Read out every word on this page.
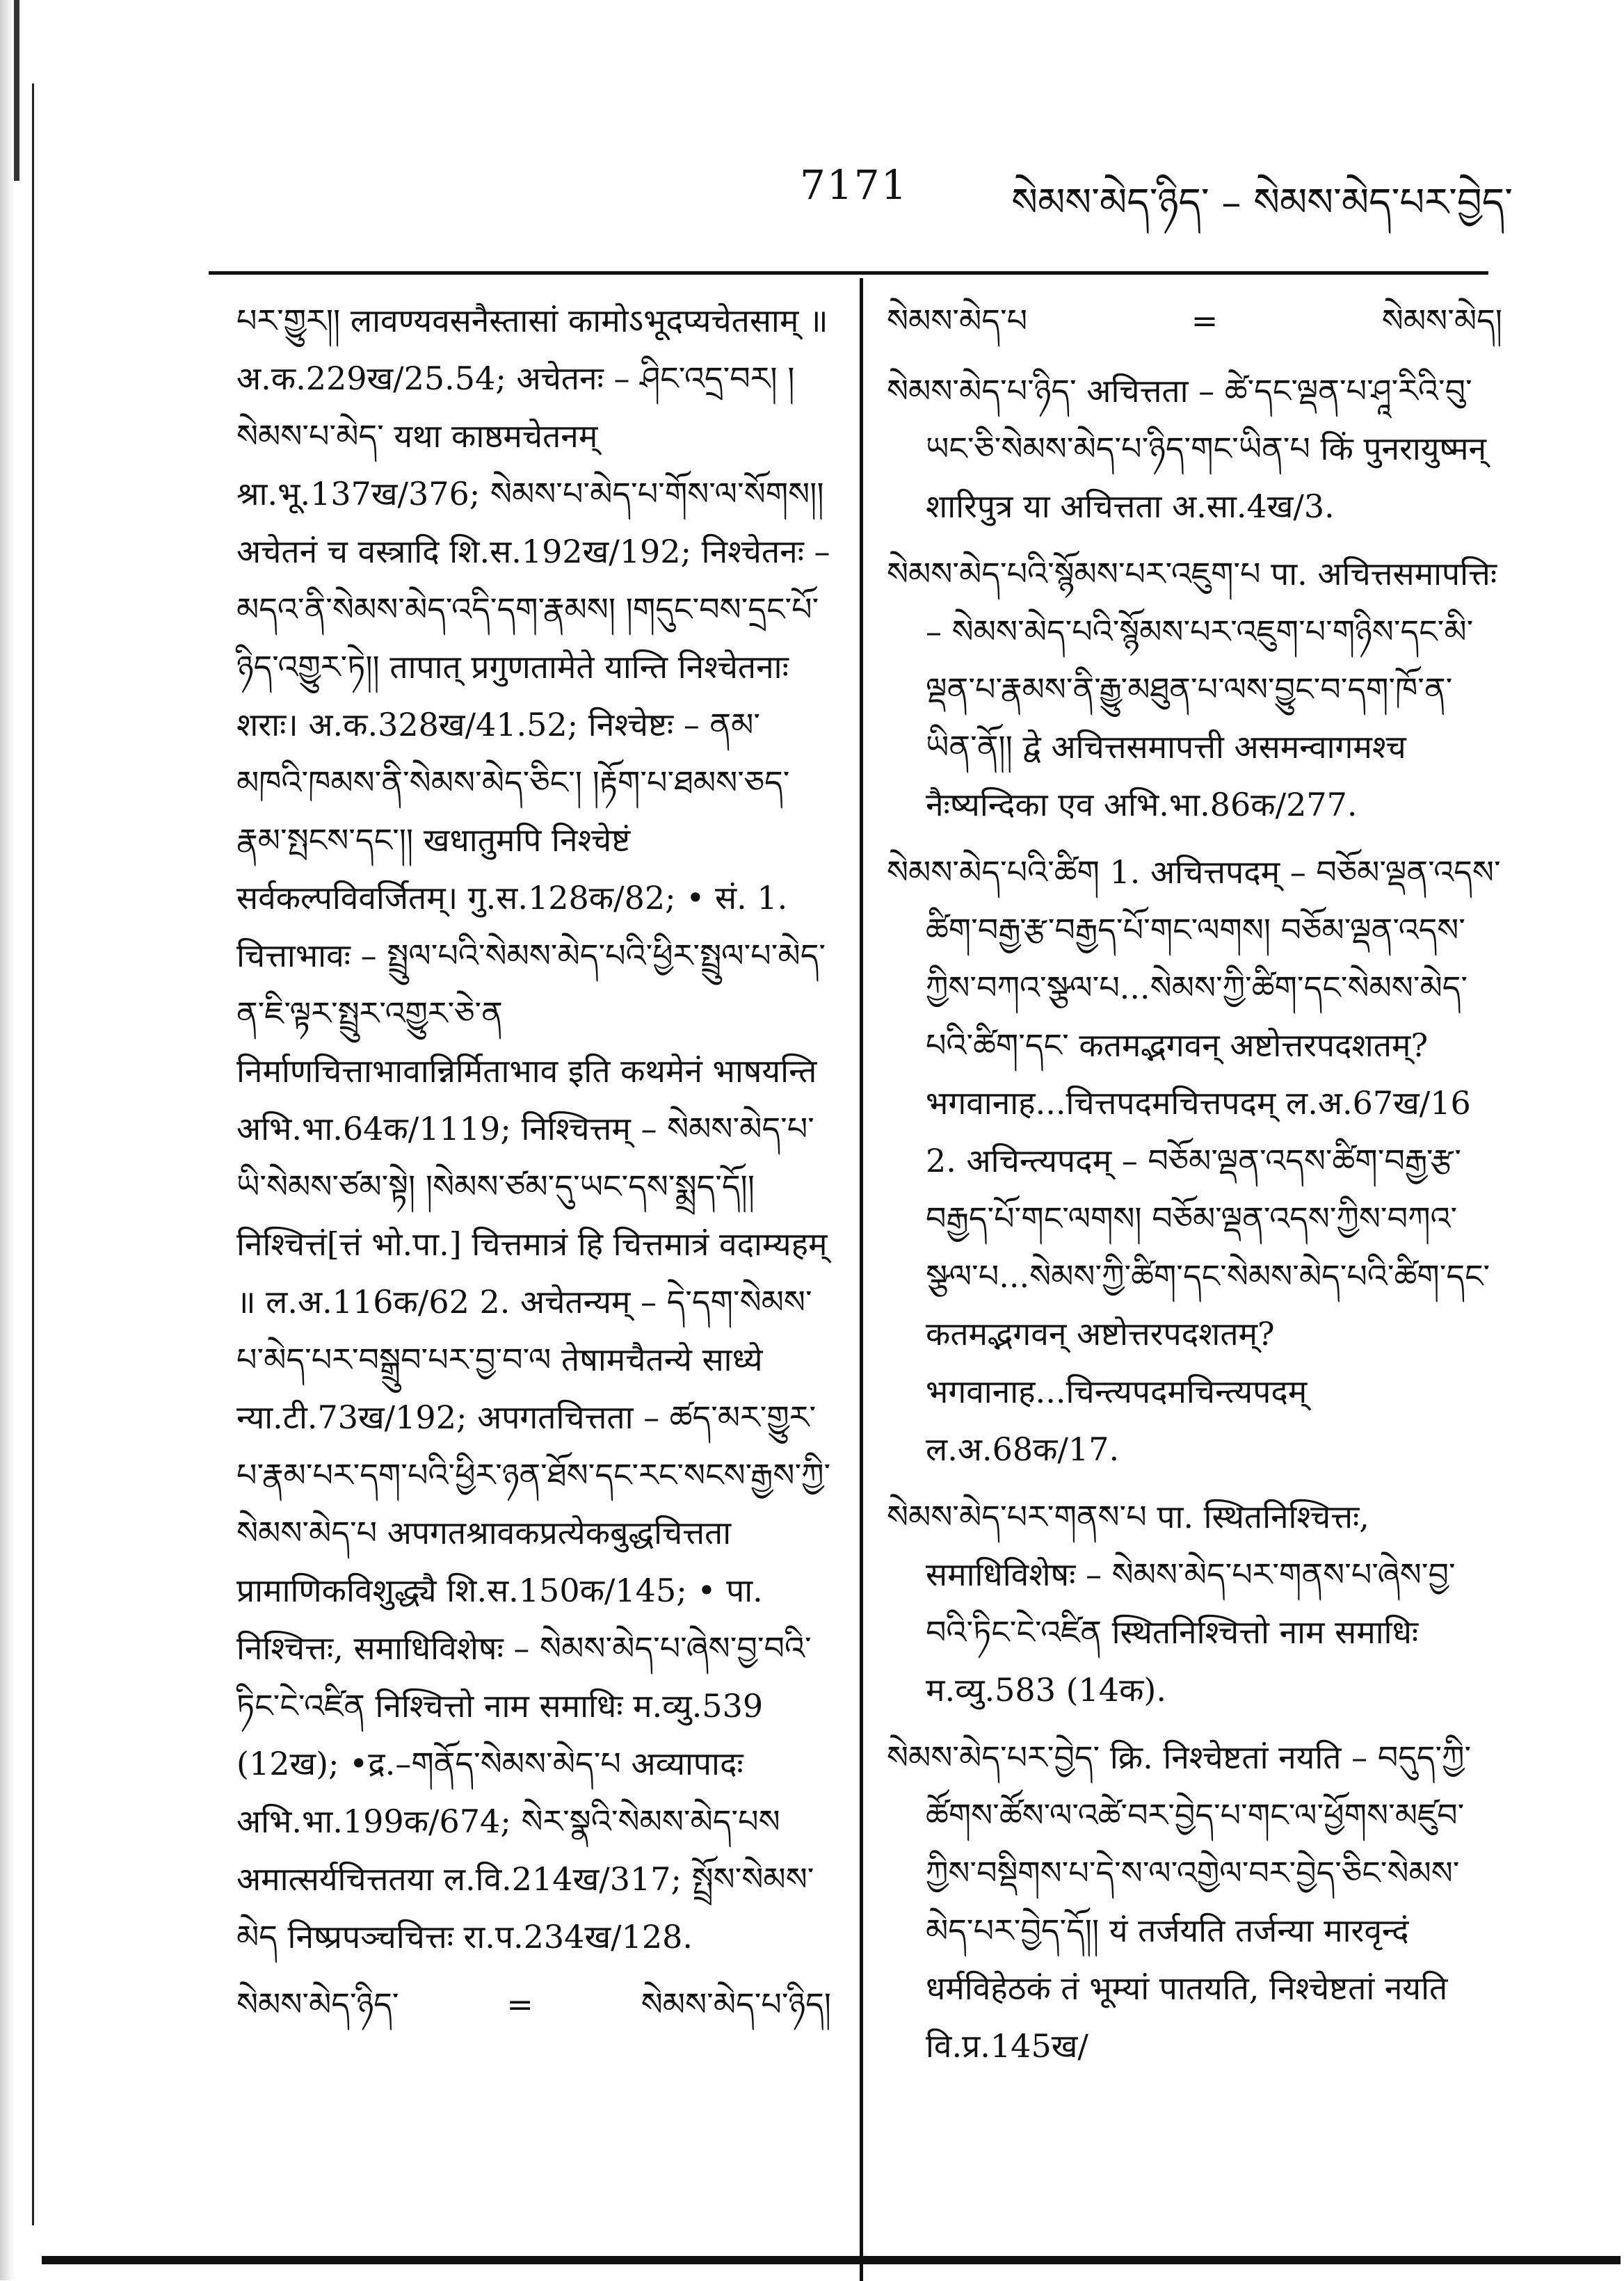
7171	སེམས་མེད་ཉིད་ – སེམས་མེད་པར་བྱེད་
པར་གྱུར།། लावण्यवसनैस्तासां कामोऽभूदप्यचेतसाम् ॥ अ.क.229ख/25.54; अचेतनः – ཤིང་འདྲ་བར། །སེམས་པ་མེད་ यथा काष्ठमचेतनम् श्रा.भू.137ख/376; སེམས་པ་མེད་པ་གོས་ལ་སོགས།། अचेतनं च वस्त्रादि शि.स.192ख/192; निश्चेतनः – མདའ་ནི་སེམས་མེད་འདི་དག་རྣམས། །གདུང་བས་དྲང་པོ་ཉིད་འགྱུར་ཏེ།། तापात् प्रगुणतामेते यान्ति निश्चेतनाः शराः। अ.क.328ख/41.52; निश्चेष्टः – ནམ་མཁའི་ཁམས་ནི་སེམས་མེད་ཅིང་། །རྟོག་པ་ཐམས་ཅད་རྣམ་སྤངས་དང་།། खधातुमपि निश्चेष्टं सर्वकल्पविवर्जितम्। गु.स.128क/82; • सं. 1. चित्ताभावः – སྤྲུལ་པའི་སེམས་མེད་པའི་ཕྱིར་སྤྲུལ་པ་མེད་ན་ཇི་ལྟར་སྤྲུར་འགྱུར་ཅེ་ན निर्माणचित्ताभावान्निर्मिताभाव इति कथमेनं भाषयन्ति अभि.भा.64क/1119; निश्चित्तम् – སེམས་མེད་པ་ཡི་སེམས་ཙམ་སྟེ། །སེམས་ཙམ་དུ་ཡང་དས་སྨྲད་དོ།། निश्चित्तं[त्तं भो.पा.] चित्तमात्रं हि चित्तमात्रं वदाम्यहम् ॥ ल.अ.116क/62 2. अचेतन्यम् – དེ་དག་སེམས་པ་མེད་པར་བསྒྲུབ་པར་བྱ་བ་ལ तेषामचैतन्ये साध्ये न्या.टी.73ख/192; अपगतचित्तता – ཚད་མར་གྱུར་པ་རྣམ་པར་དག་པའི་ཕྱིར་ཉན་ཐོས་དང་རང་སངས་རྒྱས་ཀྱི་སེམས་མེད་པ अपगतश्रावकप्रत्येकबुद्धचित्तता प्रामाणिकविशुद्ध्यै शि.स.150क/145; • पा. निश्चित्तः, समाधिविशेषः – སེམས་མེད་པ་ཞེས་བྱ་བའི་ཏིང་ངེ་འཛིན निश्चित्तो नाम समाधिः म.व्यु.539 (12ख); •द्र.–གནོད་སེམས་མེད་པ अव्यापादः अभि.भा.199क/674; སེར་སྣའི་སེམས་མེད་པས अमात्सर्यचित्ततया ल.वि.214ख/317; སྤྲོས་སེམས་མེད निष्प्रपञ्चचित्तः रा.प.234ख/128.
སེམས་མེད་ཉིད་	=	སེམས་མེད་པ་ཉིད།
སེམས་མེད་པ	=	སེམས་མེད།
སེམས་མེད་པ་ཉིད་ अचित्तता – ཚེ་དང་ལྡན་པ་ཤཱ་རིའི་བུ་ཡང་ཅི་སེམས་མེད་པ་ཉིད་གང་ཡིན་པ किं पुनरायुष्मन् शारिपुत्र या अचित्तता अ.सा.4ख/3.
སེམས་མེད་པའི་སྙོམས་པར་འཇུག་པ पा. अचित्तसमापत्तिः – སེམས་མེད་པའི་སྙོམས་པར་འཇུག་པ་གཉིས་དང་མི་ལྡན་པ་རྣམས་ནི་རྒྱུ་མཐུན་པ་ལས་བྱུང་བ་དག་ཁོ་ན་ཡིན་ནོ།། द्वे अचित्तसमापत्ती असमन्वागमश्च नैःष्यन्दिका एव अभि.भा.86क/277.
སེམས་མེད་པའི་ཚིག 1. अचित्तपदम् – བཅོམ་ལྡན་འདས་ཚིག་བརྒྱ་རྩ་བརྒྱད་པོ་གང་ལགས། བཅོམ་ལྡན་འདས་ཀྱིས་བཀའ་སྩལ་པ...སེམས་ཀྱི་ཚིག་དང་སེམས་མེད་པའི་ཚིག་དང་ कतमद्भगवन् अष्टोत्तरपदशतम्? भगवानाह...चित्तपदमचित्तपदम् ल.अ.67ख/16 2. अचिन्त्यपदम् – བཅོམ་ལྡན་འདས་ཚིག་བརྒྱ་རྩ་བརྒྱད་པོ་གང་ལགས། བཅོམ་ལྡན་འདས་ཀྱིས་བཀའ་སྩལ་པ...སེམས་ཀྱི་ཚིག་དང་སེམས་མེད་པའི་ཚིག་དང་ कतमद्भगवन् अष्टोत्तरपदशतम्? भगवानाह...चिन्त्यपदमचिन्त्यपदम् ल.अ.68क/17.
སེམས་མེད་པར་གནས་པ पा. स्थितनिश्चित्तः, समाधिविशेषः – སེམས་མེད་པར་གནས་པ་ཞེས་བྱ་བའི་ཏིང་ངེ་འཛིན स्थितनिश्चित्तो नाम समाधिः म.व्यु.583 (14क).
སེམས་མེད་པར་བྱེད་ क्रि. निश्चेष्टतां नयति – བདུད་ཀྱི་ཚོགས་ཚོས་ལ་འཚེ་བར་བྱེད་པ་གང་ལ་ཕྱོགས་མཛུབ་ཀྱིས་བསྡིགས་པ་དེ་ས་ལ་འགྱེལ་བར་བྱེད་ཅིང་སེམས་མེད་པར་བྱེད་དོ།། यं तर्जयति तर्जन्या मारवृन्दं धर्मविहेठकं तं भूम्यां पातयति, निश्चेष्टतां नयति वि.प्र.145ख/
